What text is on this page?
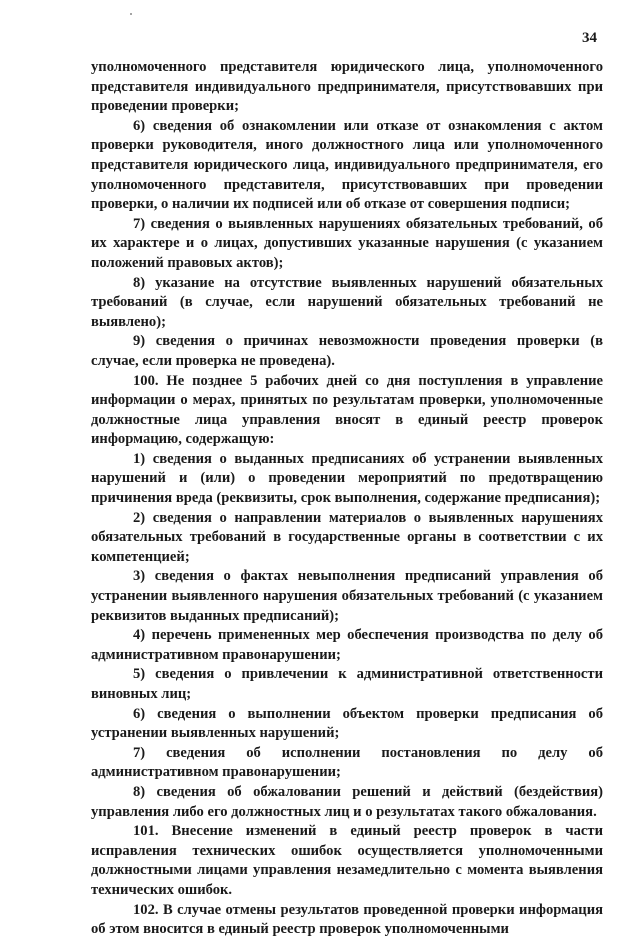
34

уполномоченного представителя юридического лица, уполномоченного представителя индивидуального предпринимателя, присутствовавших при проведении проверки;

6) сведения об ознакомлении или отказе от ознакомления с актом проверки руководителя, иного должностного лица или уполномоченного представителя юридического лица, индивидуального предпринимателя, его уполномоченного представителя, присутствовавших при проведении проверки, о наличии их подписей или об отказе от совершения подписи;

7) сведения о выявленных нарушениях обязательных требований, об их характере и о лицах, допустивших указанные нарушения (с указанием положений правовых актов);

8) указание на отсутствие выявленных нарушений обязательных требований (в случае, если нарушений обязательных требований не выявлено);

9) сведения о причинах невозможности проведения проверки (в случае, если проверка не проведена).

100. Не позднее 5 рабочих дней со дня поступления в управление информации о мерах, принятых по результатам проверки, уполномоченные должностные лица управления вносят в единый реестр проверок информацию, содержащую:

1) сведения о выданных предписаниях об устранении выявленных нарушений и (или) о проведении мероприятий по предотвращению причинения вреда (реквизиты, срок выполнения, содержание предписания);

2) сведения о направлении материалов о выявленных нарушениях обязательных требований в государственные органы в соответствии с их компетенцией;

3) сведения о фактах невыполнения предписаний управления об устранении выявленного нарушения обязательных требований (с указанием реквизитов выданных предписаний);

4) перечень примененных мер обеспечения производства по делу об административном правонарушении;

5) сведения о привлечении к административной ответственности виновных лиц;

6) сведения о выполнении объектом проверки предписания об устранении выявленных нарушений;

7) сведения об исполнении постановления по делу об административном правонарушении;

8) сведения об обжаловании решений и действий (бездействия) управления либо его должностных лиц и о результатах такого обжалования.

101. Внесение изменений в единый реестр проверок в части исправления технических ошибок осуществляется уполномоченными должностными лицами управления незамедлительно с момента выявления технических ошибок.

102. В случае отмены результатов проведенной проверки информация об этом вносится в единый реестр проверок уполномоченными
